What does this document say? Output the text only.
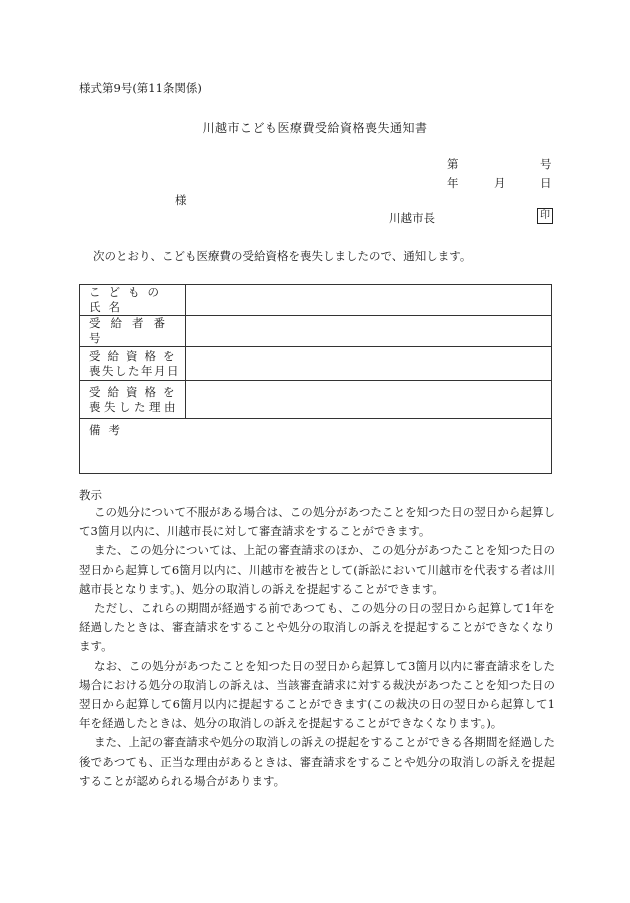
様式第9号(第11条関係)
川越市こども医療費受給資格喪失通知書
第	号
年	月	日
様
川越市長	印
次のとおり、こども医療費の受給資格を喪失しましたので、通知します。
こどもの氏名	
受給者番号	

受給資格を
喪失した年月日	

受給資格を
喪失した理由	

備考	
教示

この処分について不服がある場合は、この処分があつたことを知つた日の翌日から起算して3箇月以内に、川越市長に対して審査請求をすることができます。

また、この処分については、上記の審査請求のほか、この処分があつたことを知つた日の翌日から起算して6箇月以内に、川越市を被告として(訴訟において川越市を代表する者は川越市長となります。)、処分の取消しの訴えを提起することができます。

ただし、これらの期間が経過する前であつても、この処分の日の翌日から起算して1年を経過したときは、審査請求をすることや処分の取消しの訴えを提起することができなくなります。

なお、この処分があつたことを知つた日の翌日から起算して3箇月以内に審査請求をした場合における処分の取消しの訴えは、当該審査請求に対する裁決があつたことを知つた日の翌日から起算して6箇月以内に提起することができます(この裁決の日の翌日から起算して1年を経過したときは、処分の取消しの訴えを提起することができなくなります。)。

また、上記の審査請求や処分の取消しの訴えの提起をすることができる各期間を経過した後であつても、正当な理由があるときは、審査請求をすることや処分の取消しの訴えを提起することが認められる場合があります。
